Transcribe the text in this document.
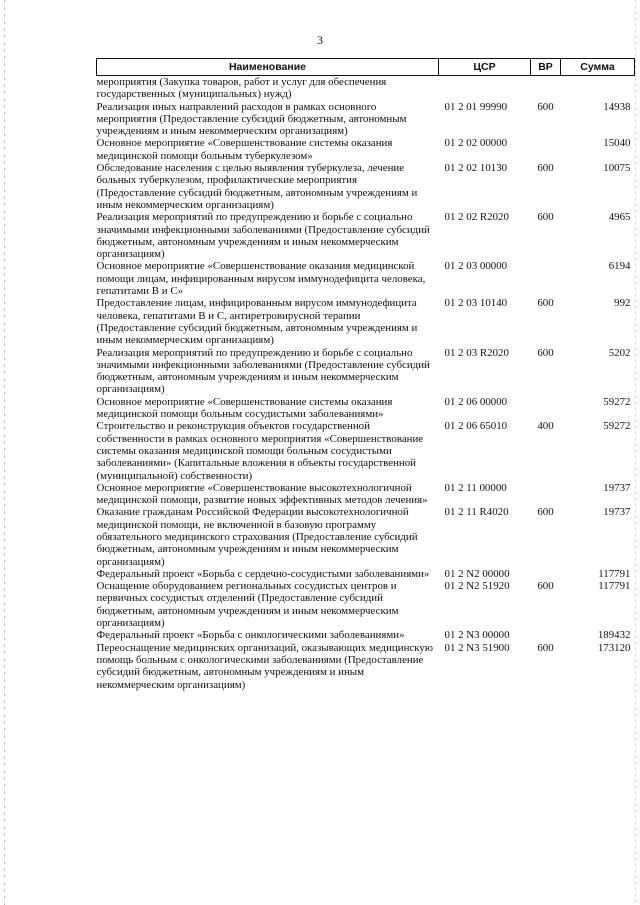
3
Наименование	ЦСР	ВР	Сумма
мероприятия (Закупка товаров, работ и услуг для обеспечения государственных (муниципальных) нужд)			
Реализация иных направлений расходов в рамках основного мероприятия (Предоставление субсидий бюджетным, автономным учреждениям и иным некоммерческим организациям)	01 2 01 99990	600	14938
Основное мероприятие «Совершенствование системы оказания медицинской помощи больным туберкулезом»	01 2 02 00000		15040
Обследование населения с целью выявления туберкулеза, лечение больных туберкулезом, профилактические мероприятия (Предоставление субсидий бюджетным, автономным учреждениям и иным некоммерческим организациям)	01 2 02 10130	600	10075
Реализация мероприятий по предупреждению и борьбе с социально значимыми инфекционными заболеваниями (Предоставление субсидий бюджетным, автономным учреждениям и иным некоммерческим организациям)	01 2 02 R2020	600	4965
Основное мероприятие «Совершенствование оказания медицинской помощи лицам, инфицированным вирусом иммунодефицита человека, гепатитами В и С»	01 2 03 00000		6194
Предоставление лицам, инфицированным вирусом иммунодефицита человека, гепатитами В и С, антиретровирусной терапии (Предоставление субсидий бюджетным, автономным учреждениям и иным некоммерческим организациям)	01 2 03 10140	600	992
Реализация мероприятий по предупреждению и борьбе с социально значимыми инфекционными заболеваниями (Предоставление субсидий бюджетным, автономным учреждениям и иным некоммерческим организациям)	01 2 03 R2020	600	5202
Основное мероприятие «Совершенствование системы оказания медицинской помощи больным сосудистыми заболеваниями»	01 2 06 00000		59272
Строительство и реконструкция объектов государственной собственности в рамках основного мероприятия «Совершенствование системы оказания медицинской помощи больным сосудистыми заболеваниями» (Капитальные вложения в объекты государственной (муниципальной) собственности)	01 2 06 65010	400	59272
Основное мероприятие «Совершенствование высокотехнологичной медицинской помощи, развитие новых эффективных методов лечения»	01 2 11 00000		19737
Оказание гражданам Российской Федерации высокотехнологичной медицинской помощи, не включенной в базовую программу обязательного медицинского страхования (Предоставление субсидий бюджетным, автономным учреждениям и иным некоммерческим организациям)	01 2 11 R4020	600	19737
Федеральный проект «Борьба с сердечно-сосудистыми заболеваниями»	01 2 N2 00000		117791
Оснащение оборудованием региональных сосудистых центров и первичных сосудистых отделений (Предоставление субсидий бюджетным, автономным учреждениям и иным некоммерческим организациям)	01 2 N2 51920	600	117791
Федеральный проект «Борьба с онкологическими заболеваниями»	01 2 N3 00000		189432
Переоснащение медицинских организаций, оказывающих медицинскую помощь больным с онкологическими заболеваниями (Предоставление субсидий бюджетным, автономным учреждениям и иным некоммерческим организациям)	01 2 N3 51900	600	173120
